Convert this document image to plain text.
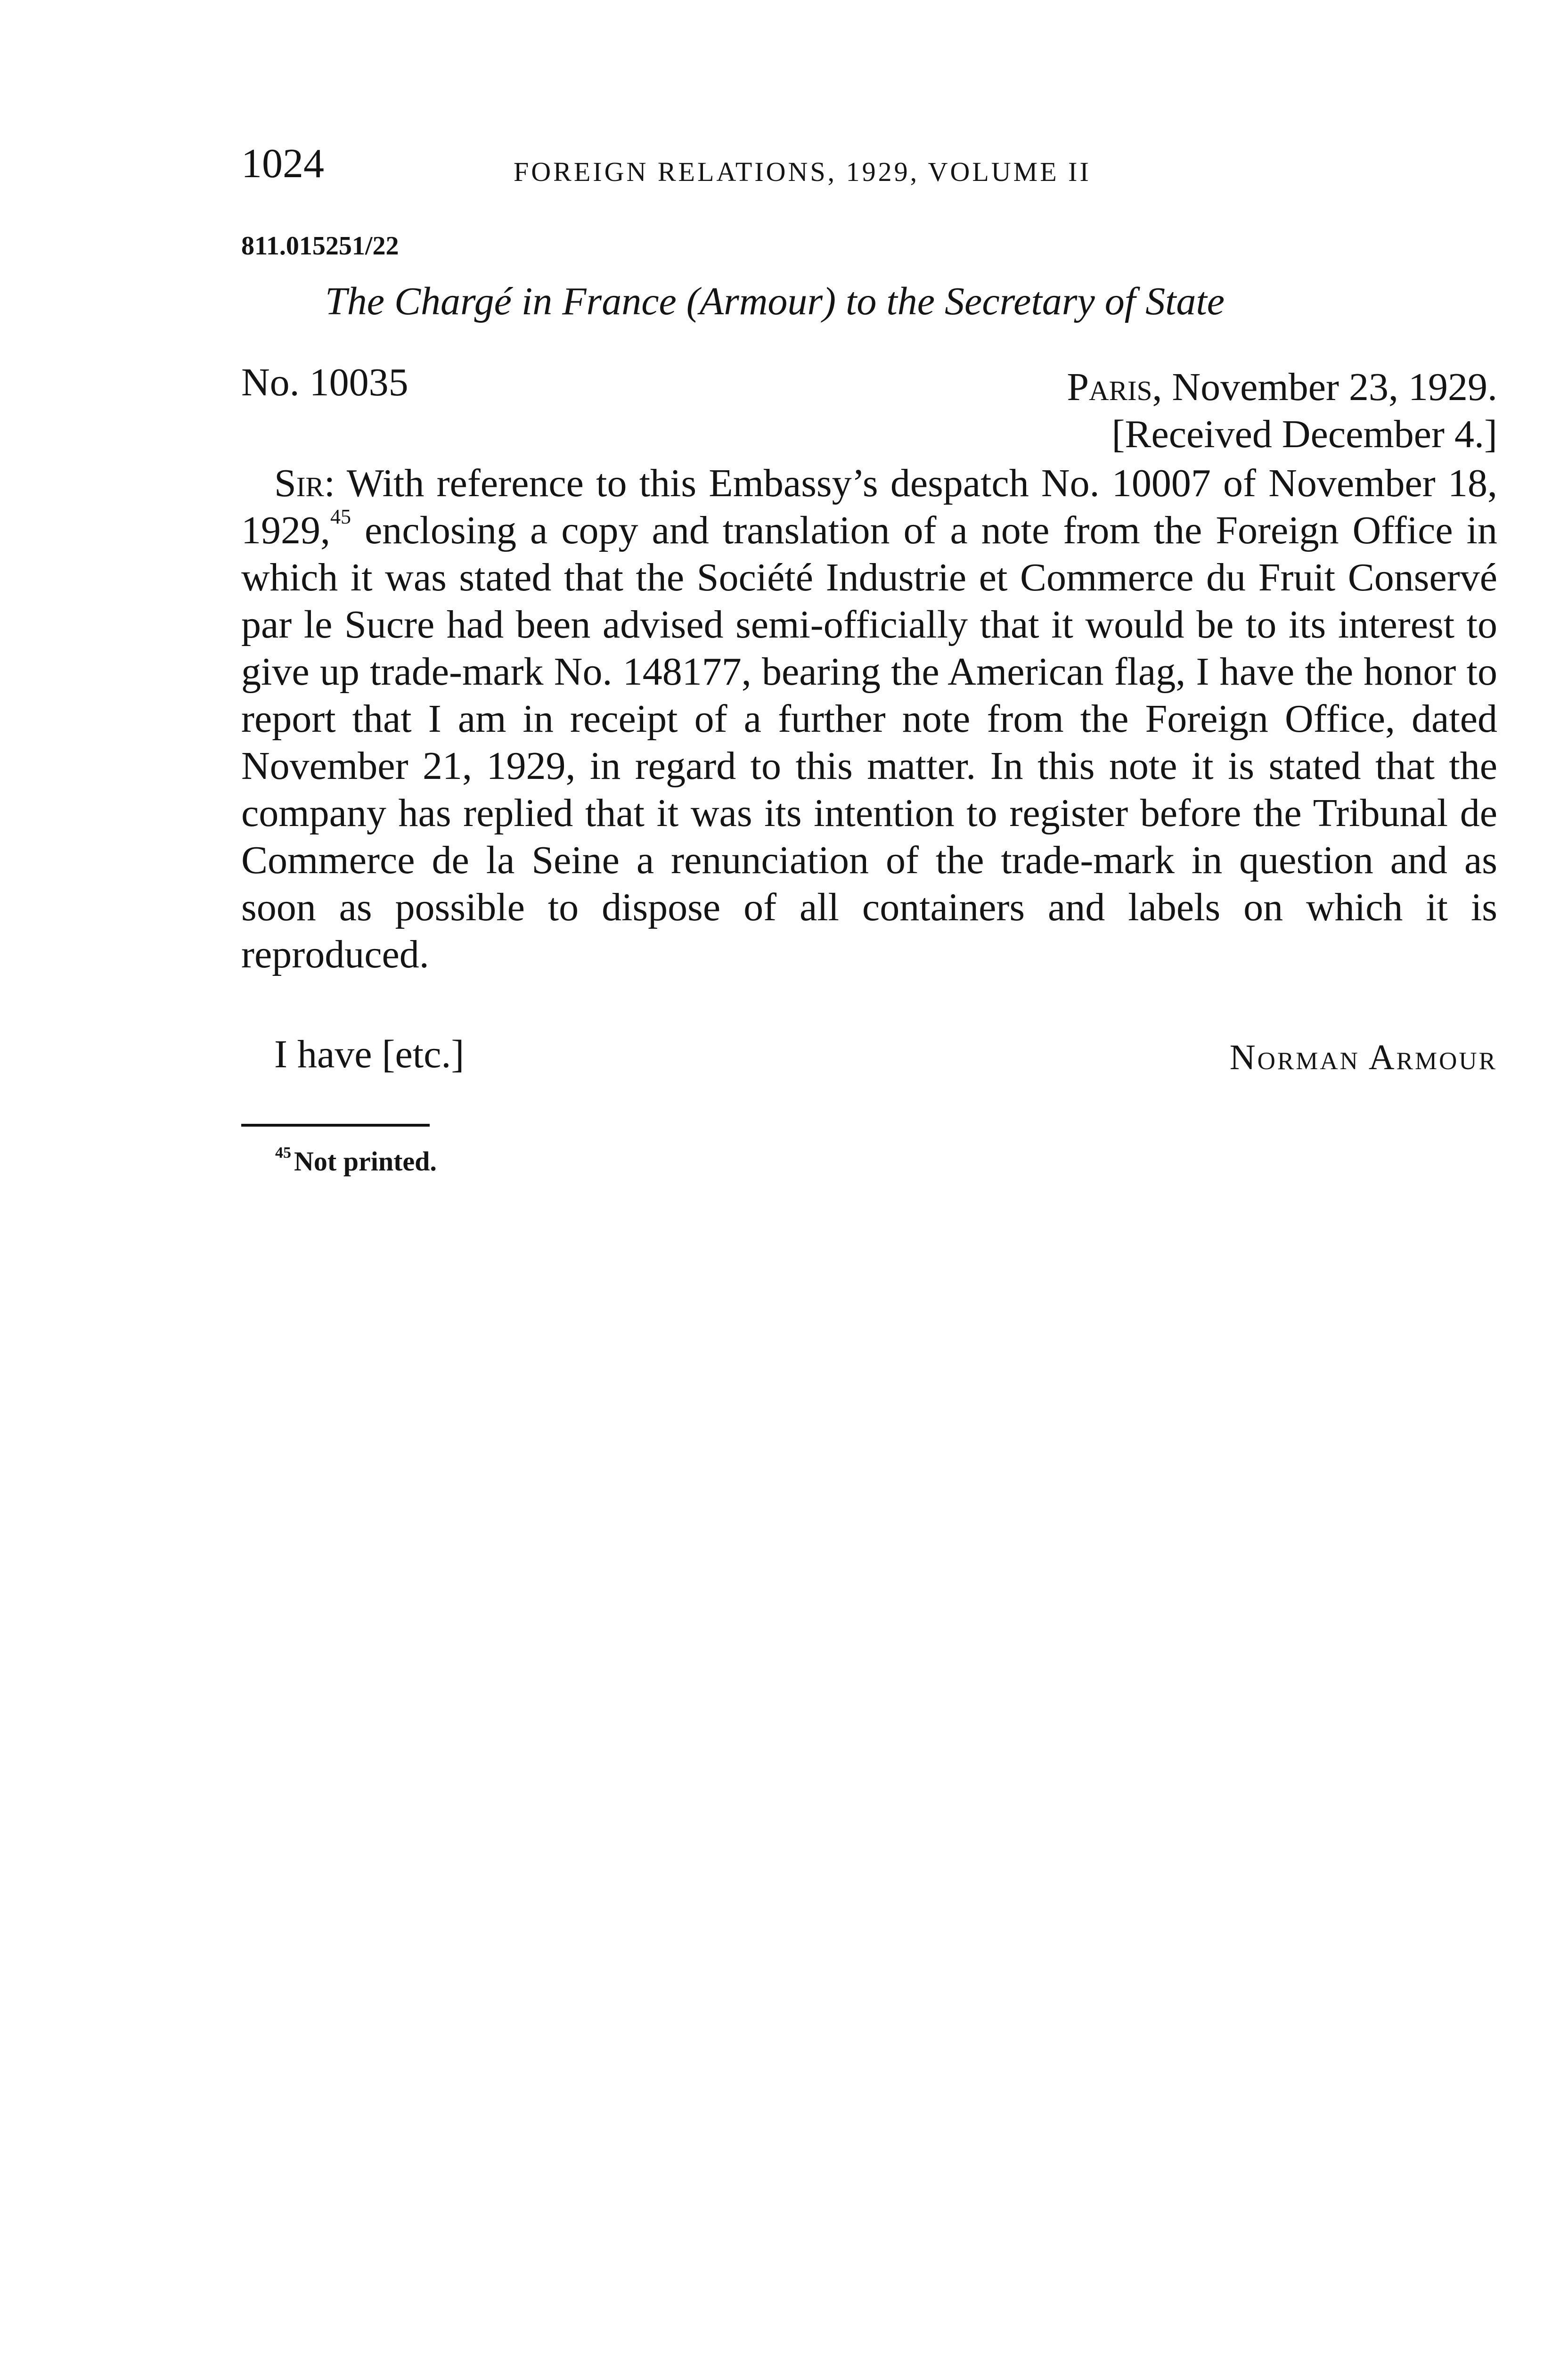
1024	FOREIGN RELATIONS, 1929, VOLUME II
811.015251/22
The Chargé in France (Armour) to the Secretary of State
No. 10035	Paris, November 23, 1929.
[Received December 4.]
Sir: With reference to this Embassy’s despatch No. 10007 of November 18, 1929,45 enclosing a copy and translation of a note from the Foreign Office in which it was stated that the Société Industrie et Commerce du Fruit Conservé par le Sucre had been advised semi-officially that it would be to its interest to give up trade-mark No. 148177, bearing the American flag, I have the honor to report that I am in receipt of a further note from the Foreign Office, dated November 21, 1929, in regard to this matter. In this note it is stated that the company has replied that it was its intention to register before the Tribunal de Commerce de la Seine a renunciation of the trade-mark in question and as soon as possible to dispose of all containers and labels on which it is reproduced.
I have [etc.]	Norman Armour
$^{45}$ Not printed.
